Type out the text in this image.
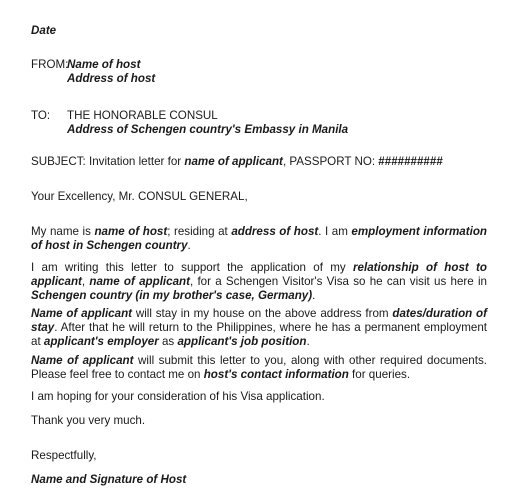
Date

FROM:
Name of host
Address of host
TO:	THE HONORABLE CONSUL
Address of Schengen country's Embassy in Manila

SUBJECT: Invitation letter for name of applicant, PASSPORT NO: ##########

Your Excellency, Mr. CONSUL GENERAL,

My name is name of host; residing at address of host. I am employment information of host in Schengen country.

I am writing this letter to support the application of my relationship of host to applicant, name of applicant, for a Schengen Visitor's Visa so he can visit us here in Schengen country (in my brother's case, Germany).

Name of applicant will stay in my house on the above address from dates/duration of stay. After that he will return to the Philippines, where he has a permanent employment at applicant's employer as applicant's job position.

Name of applicant will submit this letter to you, along with other required documents. Please feel free to contact me on host's contact information for queries.

I am hoping for your consideration of his Visa application.

Thank you very much.

Respectfully,

Name and Signature of Host
